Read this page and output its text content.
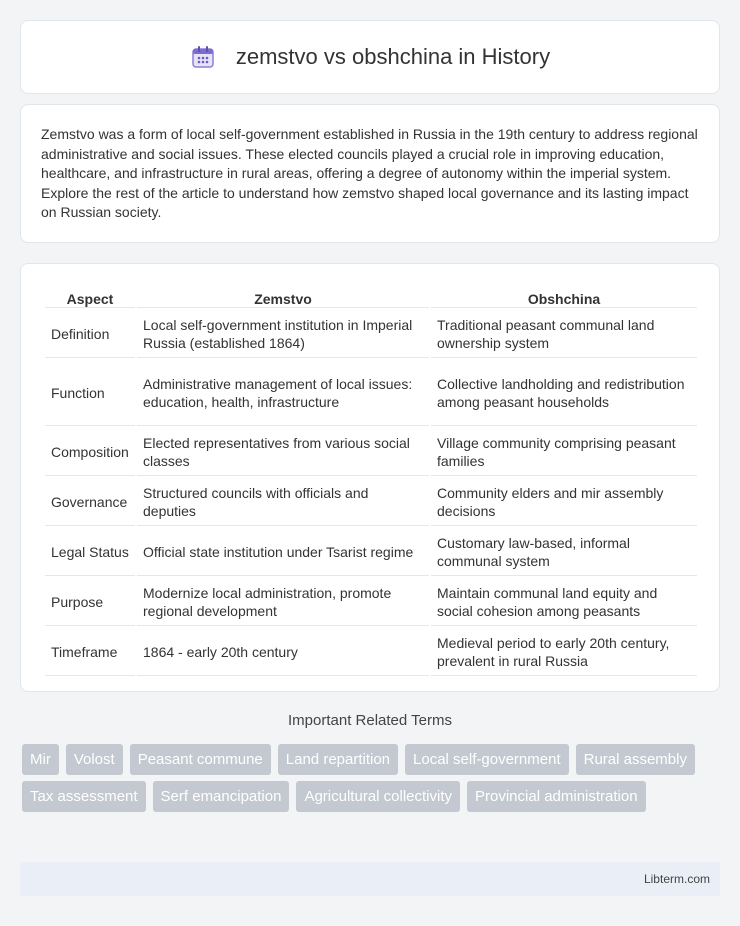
zemstvo vs obshchina in History

Zemstvo was a form of local self-government established in Russia in the 19th century to address regional administrative and social issues. These elected councils played a crucial role in improving education, healthcare, and infrastructure in rural areas, offering a degree of autonomy within the imperial system. Explore the rest of the article to understand how zemstvo shaped local governance and its lasting impact on Russian society.

Aspect	Zemstvo	Obshchina
Definition	Local self-government institution in Imperial Russia (established 1864)	Traditional peasant communal land ownership system
Function	Administrative management of local issues: education, health, infrastructure	Collective landholding and redistribution among peasant households
Composition	Elected representatives from various social classes	Village community comprising peasant families
Governance	Structured councils with officials and deputies	Community elders and mir assembly decisions
Legal Status	Official state institution under Tsarist regime	Customary law-based, informal communal system
Purpose	Modernize local administration, promote regional development	Maintain communal land equity and social cohesion among peasants
Timeframe	1864 - early 20th century	Medieval period to early 20th century, prevalent in rural Russia
Important Related Terms
Mir	Volost	Peasant commune	Land repartition	Local self-government	Rural assembly
Tax assessment	Serf emancipation	Agricultural collectivity	Provincial administration
Libterm.com
